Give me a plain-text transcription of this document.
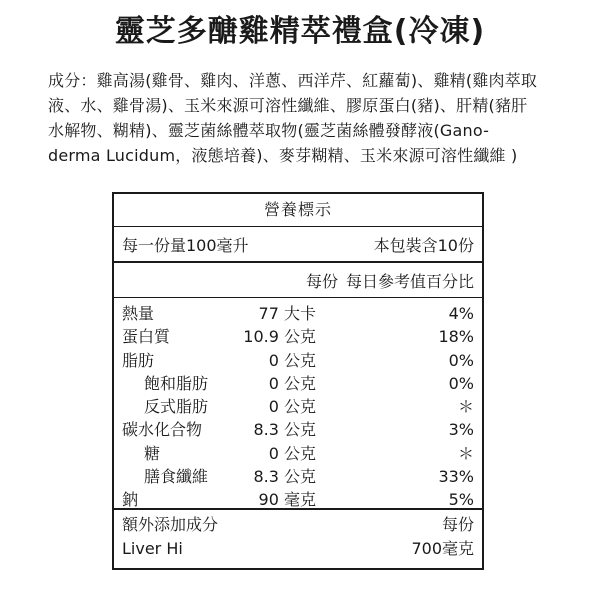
靈芝多醣雞精萃禮盒(冷凍)
成分：雞高湯(雞骨、雞肉、洋蔥、西洋芹、紅蘿蔔)、雞精(雞肉萃取
液、水、雞骨湯)、玉米來源可溶性纖維、膠原蛋白(豬)、肝精(豬肝
水解物、糊精)、靈芝菌絲體萃取物(靈芝菌絲體發酵液(Gano-
derma Lucidum，液態培養)、麥芽糊精、玉米來源可溶性纖維 )
營養標示
每一份量100毫升	本包裝含10份
每份 每日參考值百分比
熱量	77 大卡	4%
蛋白質	10.9 公克	18%
脂肪	0 公克	0%
飽和脂肪	0 公克	0%
反式脂肪	0 公克	＊
碳水化合物	8.3 公克	3%
糖	0 公克	＊
膳食纖維	8.3 公克	33%
鈉	90 毫克	5%
額外添加成分	每份
Liver Hi	700毫克
